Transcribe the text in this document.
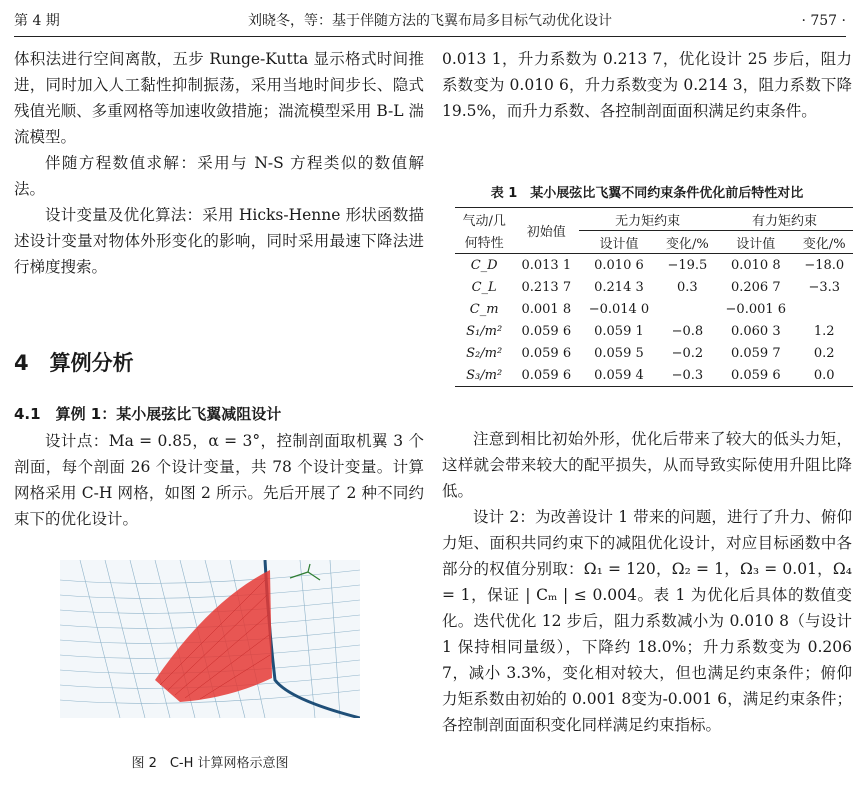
第 4 期	刘晓冬，等：基于伴随方法的飞翼布局多目标气动优化设计	· 757 ·

体积法进行空间离散，五步 Runge-Kutta 显示格式时间推进，同时加入人工黏性抑制振荡，采用当地时间步长、隐式残值光顺、多重网格等加速收敛措施；湍流模型采用 B-L 湍流模型。

伴随方程数值求解：采用与 N-S 方程类似的数值解法。

设计变量及优化算法：采用 Hicks-Henne 形状函数描述设计变量对物体外形变化的影响，同时采用最速下降法进行梯度搜索。

4　算例分析
4.1　算例 1：某小展弦比飞翼减阻设计

设计点：Ma = 0.85，α = 3°，控制剖面取机翼 3 个剖面，每个剖面 26 个设计变量，共 78 个设计变量。计算网格采用 C-H 网格，如图 2 所示。先后开展了 2 种不同约束下的优化设计。

图 2　C-H 计算网格示意图

0.013 1，升力系数为 0.213 7，优化设计 25 步后，阻力系数变为 0.010 6，升力系数变为 0.214 3，阻力系数下降 19.5%，而升力系数、各控制剖面面积满足约束条件。

表 1　某小展弦比飞翼不同约束条件优化前后特性对比
气动/几	初始值	无力矩约束		有力矩约束	
何特性		设计值	变化/%	设计值	变化/%
C_D	0.013 1	0.010 6	−19.5	0.010 8	−18.0
C_L	0.213 7	0.214 3	0.3	0.206 7	−3.3
C_m	0.001 8	−0.014 0		−0.001 6	
S₁/m²	0.059 6	0.059 1	−0.8	0.060 3	1.2
S₂/m²	0.059 6	0.059 5	−0.2	0.059 7	0.2
S₃/m²	0.059 6	0.059 4	−0.3	0.059 6	0.0

注意到相比初始外形，优化后带来了较大的低头力矩，这样就会带来较大的配平损失，从而导致实际使用升阻比降低。

设计 2：为改善设计 1 带来的问题，进行了升力、俯仰力矩、面积共同约束下的减阻优化设计，对应目标函数中各部分的权值分别取：Ω₁ = 120，Ω₂ = 1，Ω₃ = 0.01，Ω₄ = 1，保证 | Cₘ | ≤ 0.004。表 1 为优化后具体的数值变化。迭代优化 12 步后，阻力系数减小为 0.010 8（与设计 1 保持相同量级），下降约 18.0%；升力系数变为 0.206 7，减小 3.3%，变化相对较大，但也满足约束条件；俯仰力矩系数由初始的 0.001 8变为-0.001 6，满足约束条件；各控制剖面面积变化同样满足约束指标。
